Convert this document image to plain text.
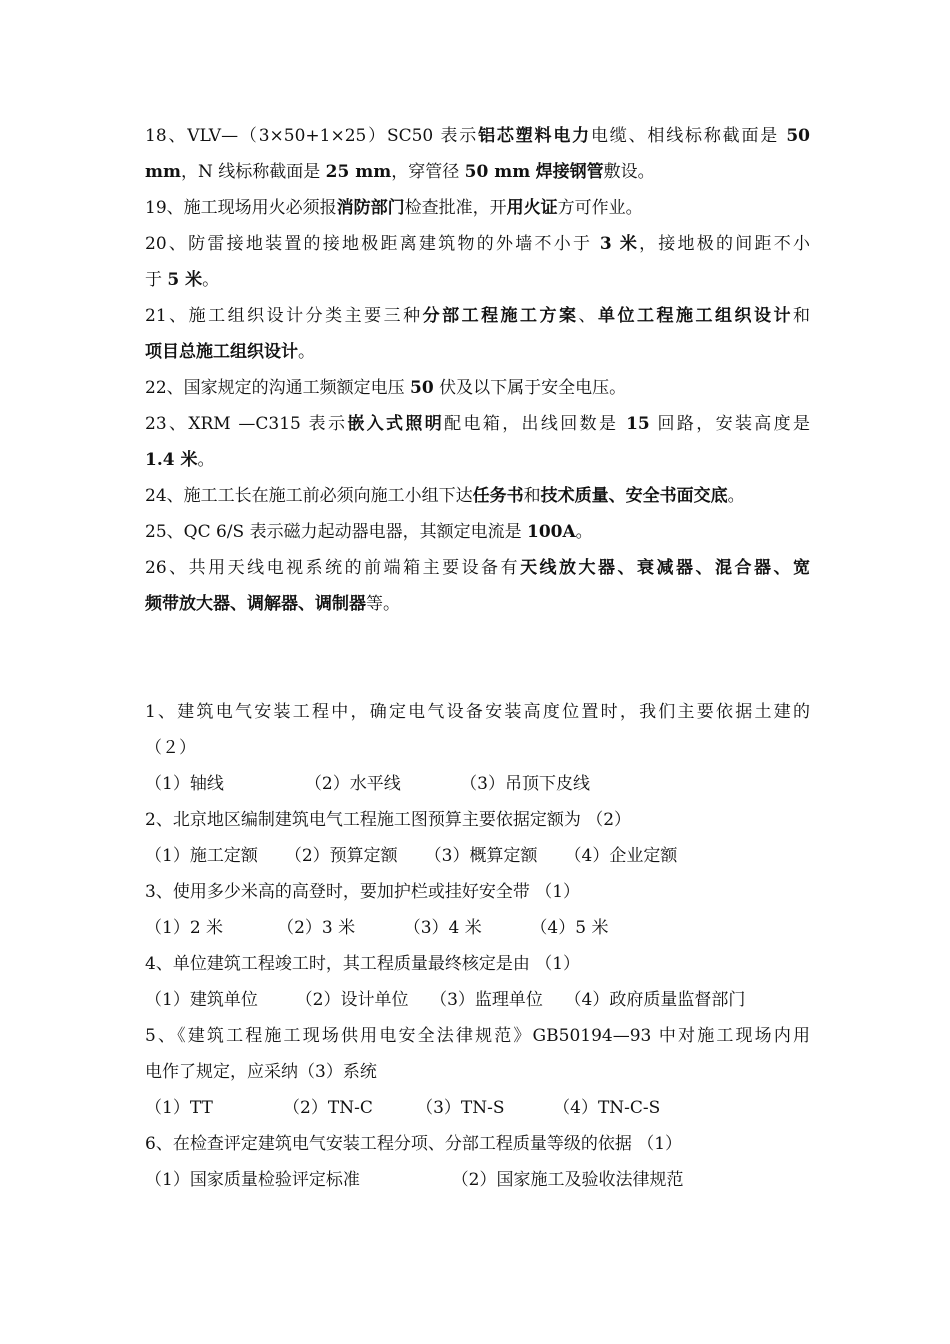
18、VLV—（3×50+1×25）SC50 表示铝芯塑料电力电缆、相线标称截面是 50
mm，N 线标称截面是 25 mm，穿管径 50 mm 焊接钢管敷设。
19、施工现场用火必须报消防部门检查批准，开用火证方可作业。
20、防雷接地装置的接地极距离建筑物的外墙不小于 3 米，接地极的间距不小
于 5 米。
21、施工组织设计分类主要三种分部工程施工方案、单位工程施工组织设计和
项目总施工组织设计。
22、国家规定的沟通工频额定电压 50 伏及以下属于安全电压。
23、XRM —C315 表示嵌入式照明配电箱，出线回数是 15 回路，安装高度是
1.4 米。
24、施工工长在施工前必须向施工小组下达任务书和技术质量、安全书面交底。
25、QC 6/S 表示磁力起动器电器，其额定电流是 100A。
26、共用天线电视系统的前端箱主要设备有天线放大器、衰减器、混合器、宽
频带放大器、调解器、调制器等。
1、建筑电气安装工程中，确定电气设备安装高度位置时，我们主要依据土建的
（２）
（1）轴线               （2）水平线           （3）吊顶下皮线
2、北京地区编制建筑电气工程施工图预算主要依据定额为 （2）
（1）施工定额     （2）预算定额     （3）概算定额     （4）企业定额
3、使用多少米高的高登时，要加护栏或挂好安全带 （1）
（1）2 米          （2）3 米         （3）4 米         （4）5 米
4、单位建筑工程竣工时，其工程质量最终核定是由 （1）
（1）建筑单位       （2）设计单位    （3）监理单位    （4）政府质量监督部门
5、《建筑工程施工现场供用电安全法律规范》GB50194—93 中对施工现场内用
电作了规定，应采纳（3）系统
（1）TT             （2）TN-C        （3）TN-S         （4）TN-C-S
6、在检查评定建筑电气安装工程分项、分部工程质量等级的依据 （1）
（1）国家质量检验评定标准                 （2）国家施工及验收法律规范
